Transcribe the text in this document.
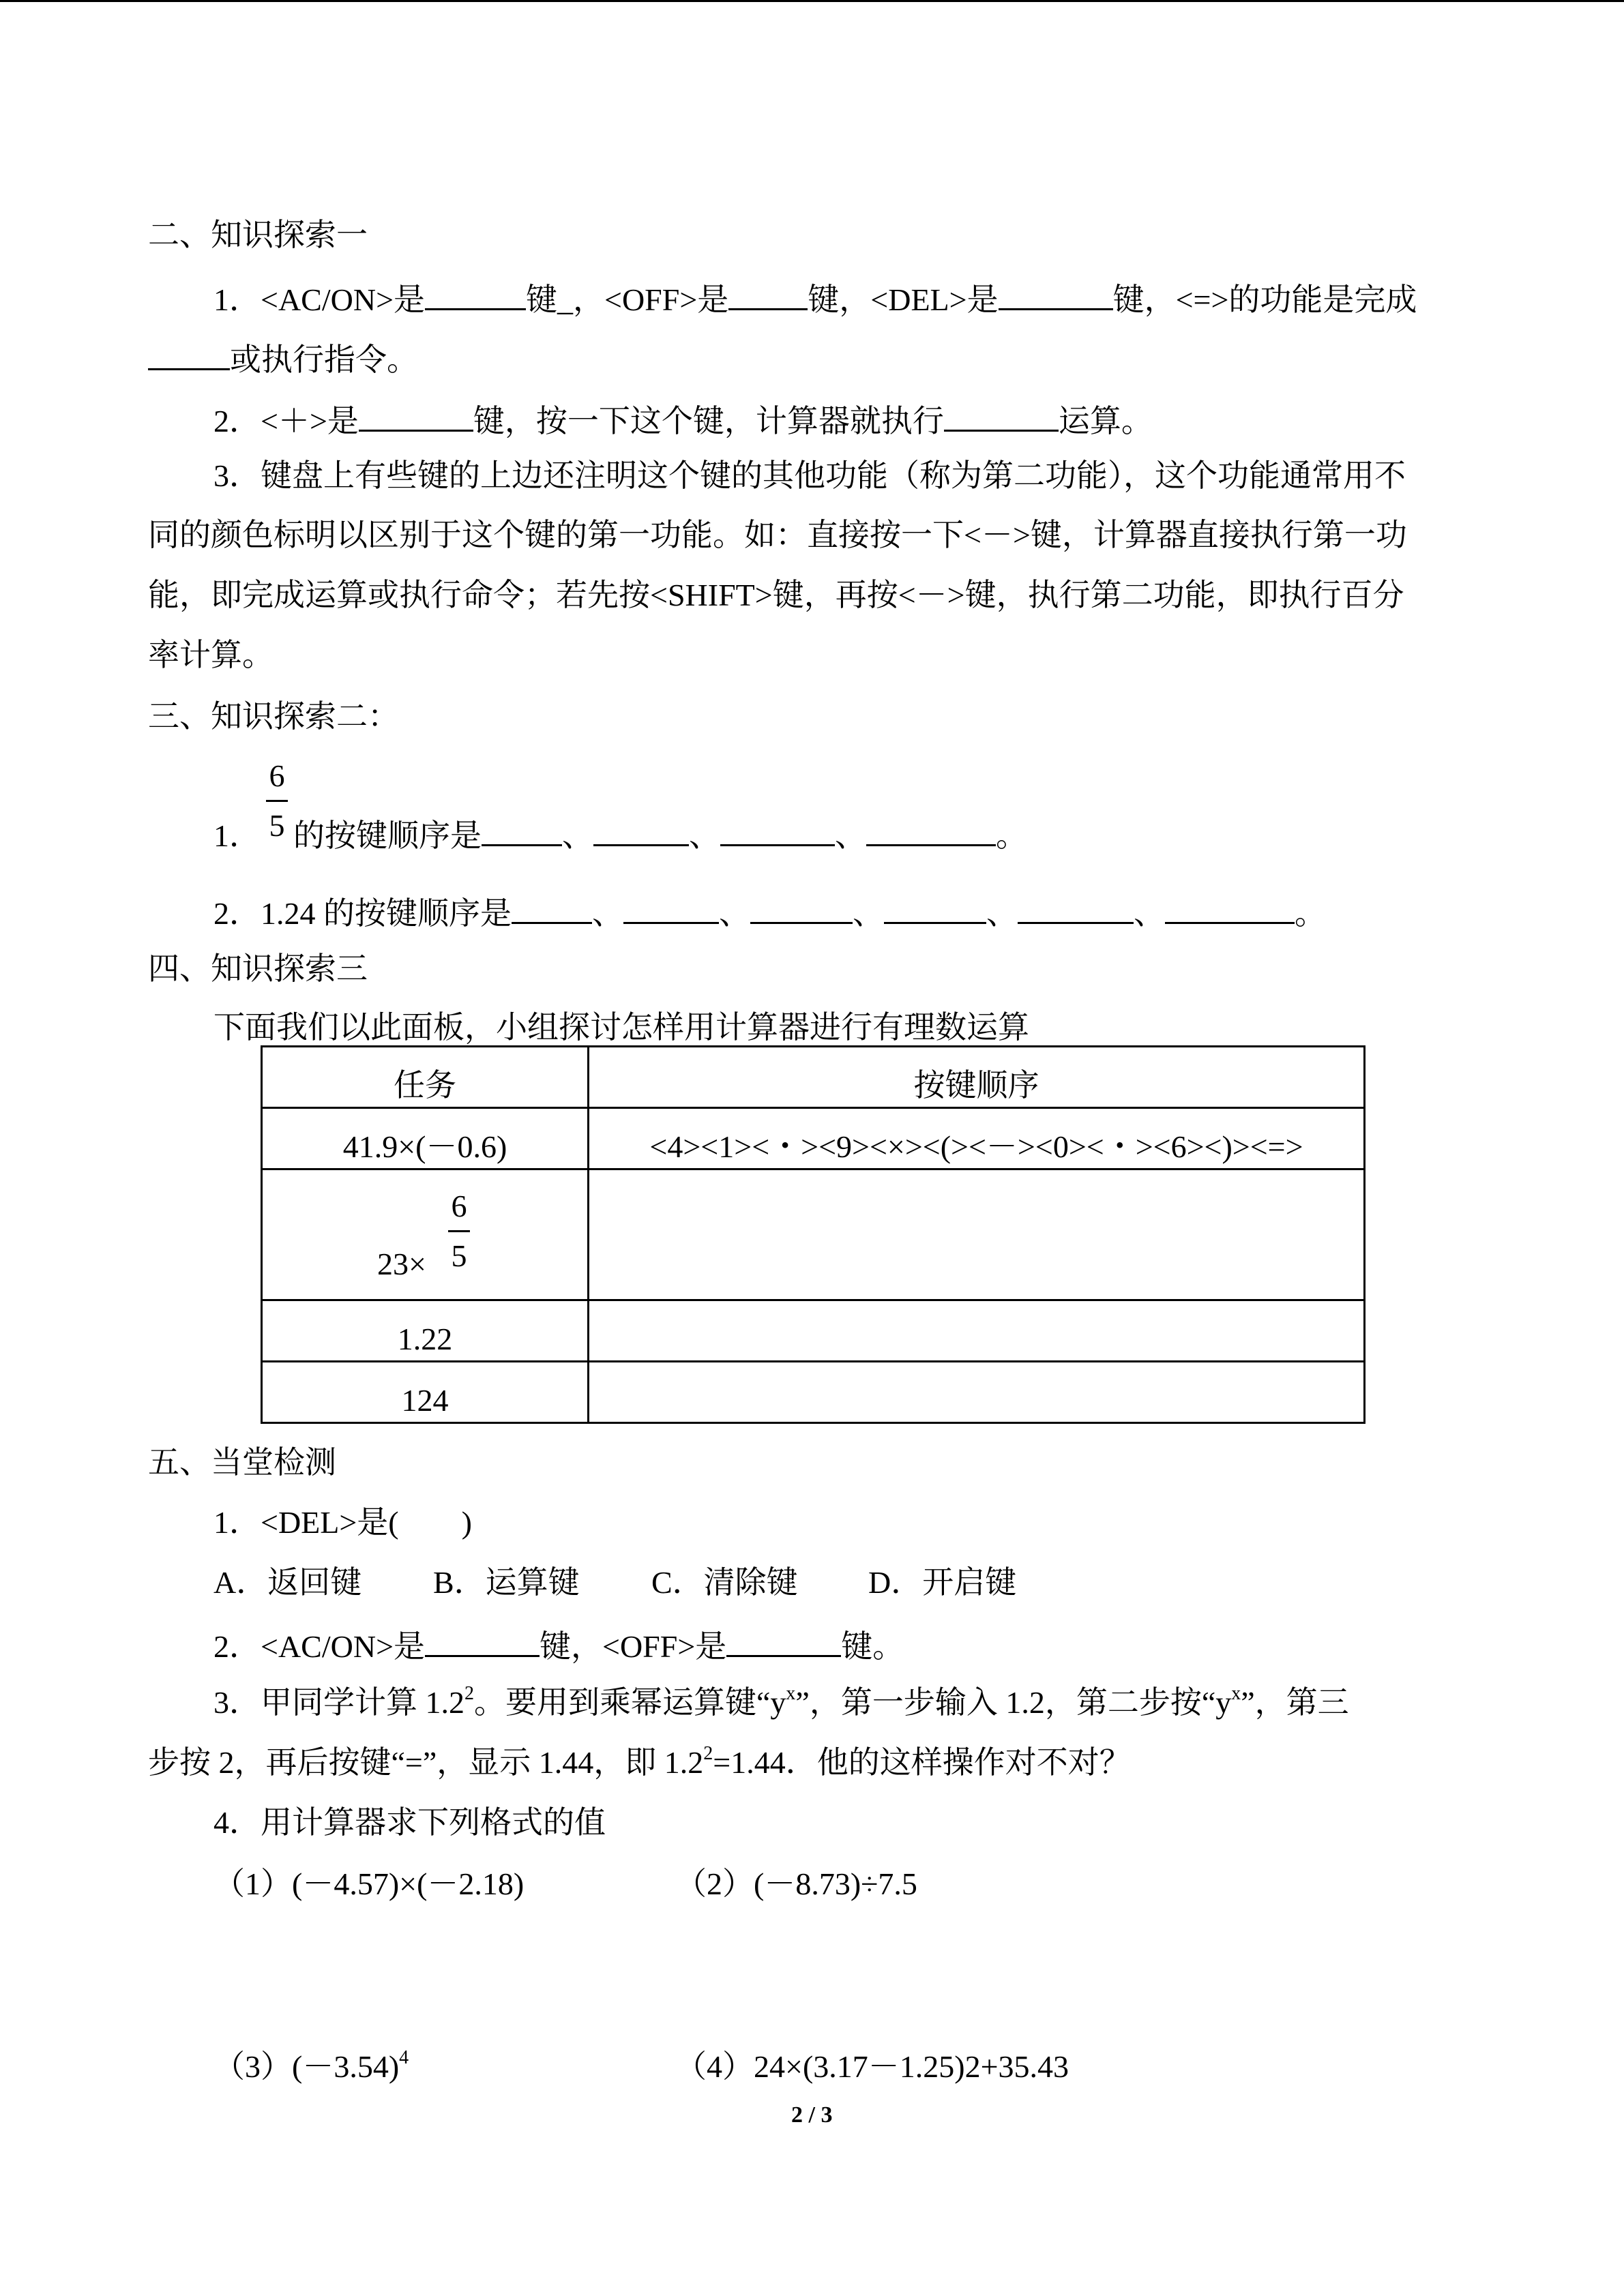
二、知识探索一
1．<AC/ON>是	键_，<OFF>是	键，<DEL>是	键，<=>的功能是完成
或执行指令。
2．<＋>是	键，按一下这个键，计算器就执行	运算。
3．键盘上有些键的上边还注明这个键的其他功能（称为第二功能），这个功能通常用不
同的颜色标明以区别于这个键的第一功能。如：直接按一下<－>键，计算器直接执行第一功
能，即完成运算或执行命令；若先按<SHIFT>键，再按<－>键，执行第二功能，即执行百分
率计算。
三、知识探索二：
6
5
1． 的按键顺序是	、	、	、	。
2．1.24 的按键顺序是	、	、	、	、	、	。
四、知识探索三
下面我们以此面板，小组探讨怎样用计算器进行有理数运算
任务	按键顺序

41.9×(－0.6)	<4><1><・><9><×><(><－><0><・><6><)><=>

23×
6
5	

1.22	

124	

五、当堂检测
1．<DEL>是(　　)
A．返回键 B．运算键 C．清除键 D．开启键
2．<AC/ON>是	键，<OFF>是	键。
3．甲同学计算 $1.2^2$。要用到乘幂运算键“$y^x$”，第一步输入 1.2，第二步按“$y^x$”，第三
步按 2，再后按键“=”，显示 1.44，即 $1.2^2=1.44$．他的这样操作对不对？
4．用计算器求下列格式的值
（1）(－4.57)×(－2.18)	（2）(－8.73)÷7.5
$(3)(-3.54)^4$	（4）24×(3.17－1.25)2+35.43
2 / 3
